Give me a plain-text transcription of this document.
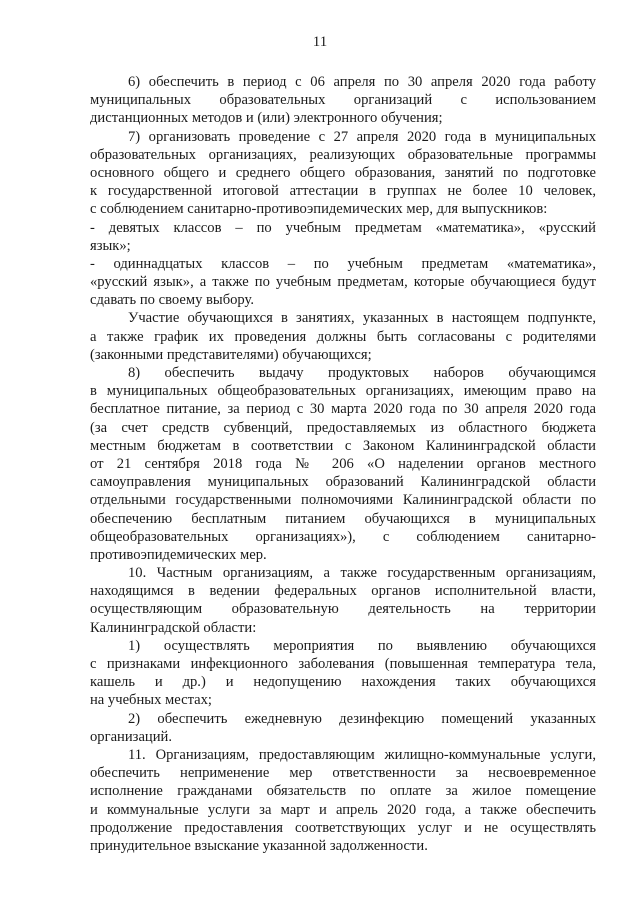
11
6) обеспечить в период с 06 апреля по 30 апреля 2020 года работу
муниципальных образовательных организаций с использованием
дистанционных методов и (или) электронного обучения;
7) организовать проведение с 27 апреля 2020 года в муниципальных
образовательных организациях, реализующих образовательные программы
основного общего и среднего общего образования, занятий по подготовке
к государственной итоговой аттестации в группах не более 10 человек,
с соблюдением санитарно-противоэпидемических мер, для выпускников:
- девятых классов – по учебным предметам «математика», «русский
язык»;
- одиннадцатых классов – по учебным предметам «математика»,
«русский язык», а также по учебным предметам, которые обучающиеся будут
сдавать по своему выбору.
Участие обучающихся в занятиях, указанных в настоящем подпункте,
а также график их проведения должны быть согласованы с родителями
(законными представителями) обучающихся;
8) обеспечить выдачу продуктовых наборов обучающимся
в муниципальных общеобразовательных организациях, имеющим право на
бесплатное питание, за период с 30 марта 2020 года по 30 апреля 2020 года
(за счет средств субвенций, предоставляемых из областного бюджета
местным бюджетам в соответствии с Законом Калининградской области
от 21 сентября 2018 года № 206 «О наделении органов местного
самоуправления муниципальных образований Калининградской области
отдельными государственными полномочиями Калининградской области по
обеспечению бесплатным питанием обучающихся в муниципальных
общеобразовательных организациях»), с соблюдением санитарно-
противоэпидемических мер.
10. Частным организациям, а также государственным организациям,
находящимся в ведении федеральных органов исполнительной власти,
осуществляющим образовательную деятельность на территории
Калининградской области:
1) осуществлять мероприятия по выявлению обучающихся
с признаками инфекционного заболевания (повышенная температура тела,
кашель и др.) и недопущению нахождения таких обучающихся
на учебных местах;
2) обеспечить ежедневную дезинфекцию помещений указанных
организаций.
11. Организациям, предоставляющим жилищно-коммунальные услуги,
обеспечить неприменение мер ответственности за несвоевременное
исполнение гражданами обязательств по оплате за жилое помещение
и коммунальные услуги за март и апрель 2020 года, а также обеспечить
продолжение предоставления соответствующих услуг и не осуществлять
принудительное взыскание указанной задолженности.
